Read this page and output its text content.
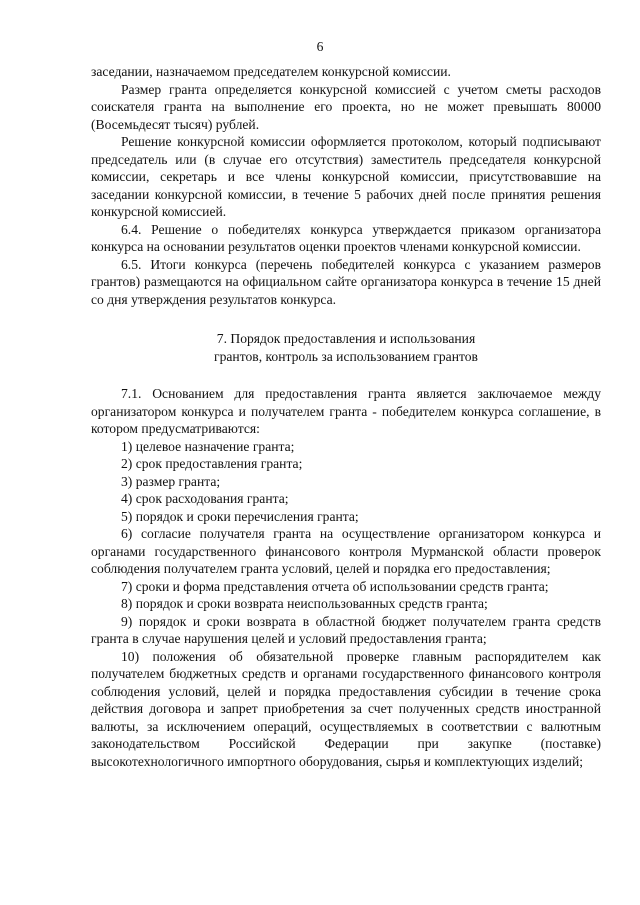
6

заседании, назначаемом председателем конкурсной комиссии.

Размер гранта определяется конкурсной комиссией с учетом сметы расходов соискателя гранта на выполнение его проекта, но не может превышать 80000 (Восемьдесят тысяч) рублей.

Решение конкурсной комиссии оформляется протоколом, который подписывают председатель или (в случае его отсутствия) заместитель председателя конкурсной комиссии, секретарь и все члены конкурсной комиссии, присутствовавшие на заседании конкурсной комиссии, в течение 5 рабочих дней после принятия решения конкурсной комиссией.

6.4. Решение о победителях конкурса утверждается приказом организатора конкурса на основании результатов оценки проектов членами конкурсной комиссии.

6.5. Итоги конкурса (перечень победителей конкурса с указанием размеров грантов) размещаются на официальном сайте организатора конкурса в течение 15 дней со дня утверждения результатов конкурса.

7. Порядок предоставления и использования
грантов, контроль за использованием грантов

7.1. Основанием для предоставления гранта является заключаемое между организатором конкурса и получателем гранта - победителем конкурса соглашение, в котором предусматриваются:

1) целевое назначение гранта;

2) срок предоставления гранта;

3) размер гранта;

4) срок расходования гранта;

5) порядок и сроки перечисления гранта;

6) согласие получателя гранта на осуществление организатором конкурса и органами государственного финансового контроля Мурманской области проверок соблюдения получателем гранта условий, целей и порядка его предоставления;

7) сроки и форма представления отчета об использовании средств гранта;

8) порядок и сроки возврата неиспользованных средств гранта;

9) порядок и сроки возврата в областной бюджет получателем гранта средств гранта в случае нарушения целей и условий предоставления гранта;

10) положения об обязательной проверке главным распорядителем как получателем бюджетных средств и органами государственного финансового контроля соблюдения условий, целей и порядка предоставления субсидии в течение срока действия договора и запрет приобретения за счет полученных средств иностранной валюты, за исключением операций, осуществляемых в соответствии с валютным законодательством Российской Федерации при закупке (поставке) высокотехнологичного импортного оборудования, сырья и комплектующих изделий;
